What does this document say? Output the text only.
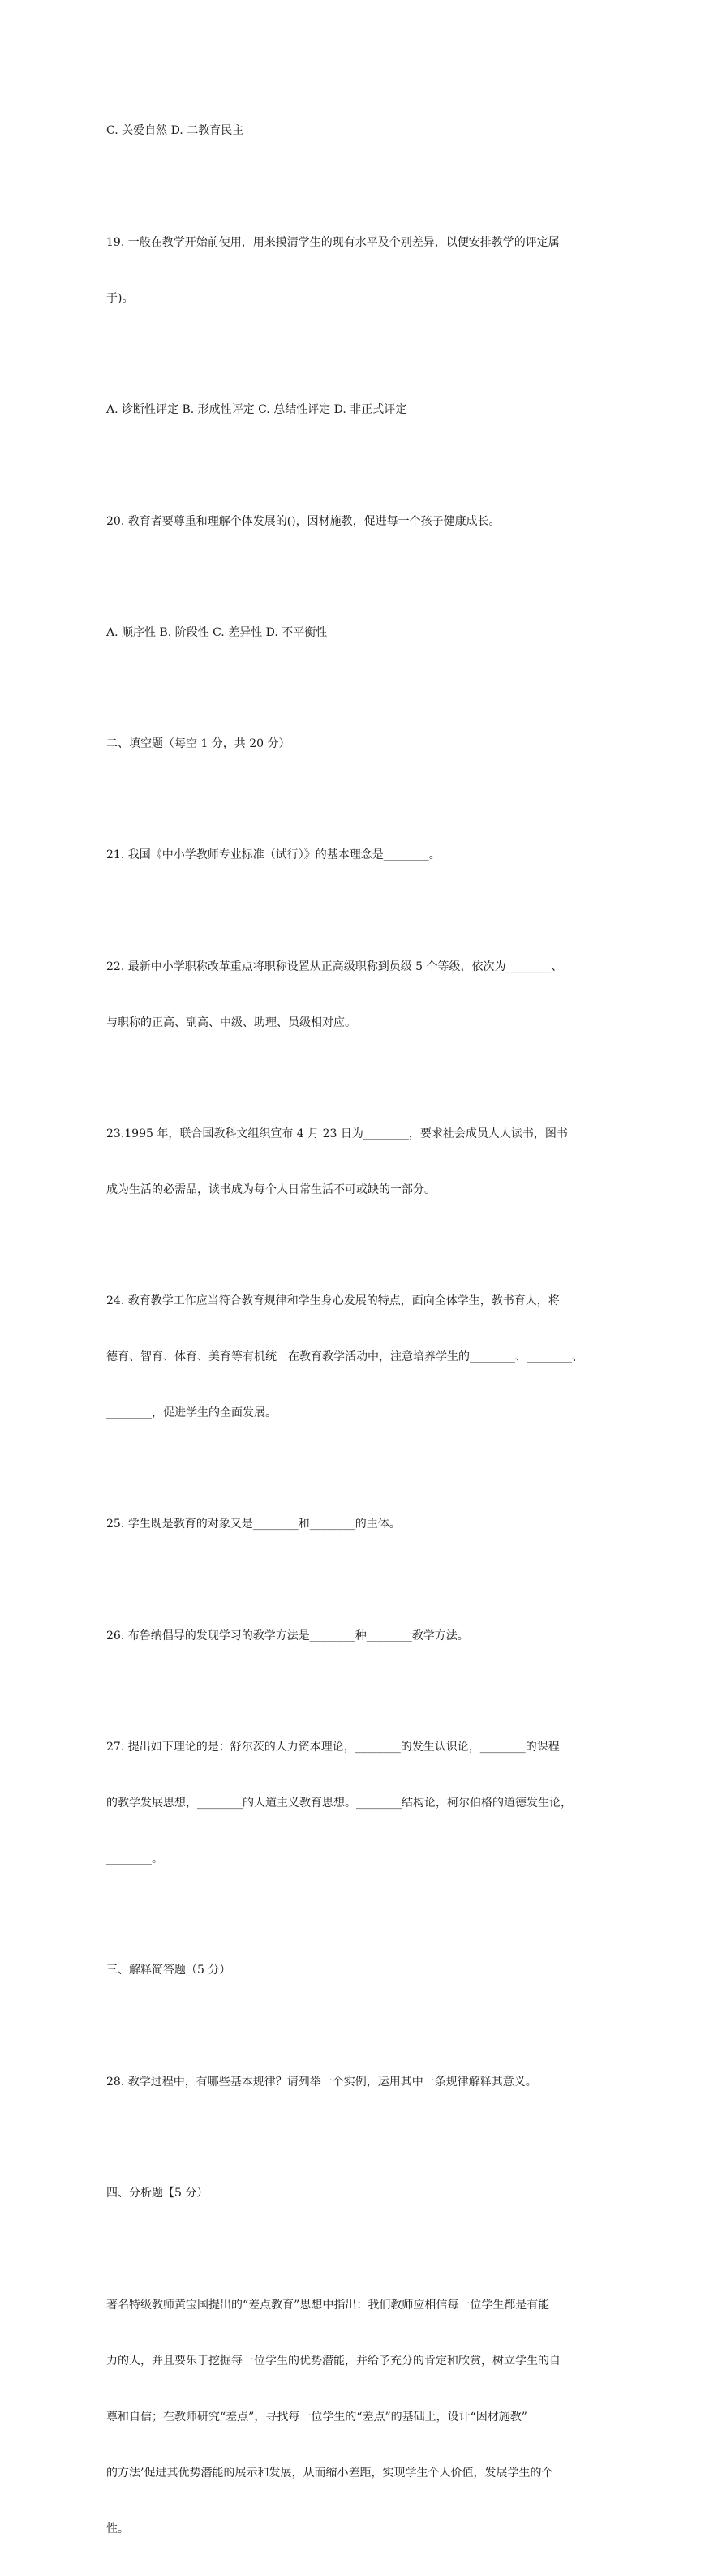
C. 关爱自然 D. 二教育民主

19. 一般在教学开始前使用，用来摸清学生的现有水平及个别差异，以便安排教学的评定属

于)。

A. 诊断性评定 B. 形成性评定 C. 总结性评定 D. 非正式评定

20. 教育者要尊重和理解个体发展的()，因材施教，促进每一个孩子健康成长。

A. 顺序性 B. 阶段性 C. 差异性 D. 不平衡性

二、填空题（每空 1 分，共 20 分）

21. 我国《中小学教师专业标准（试行）》的基本理念是________。

22. 最新中小学职称改革重点将职称设置从正高级职称到员级 5 个等级，依次为________、

与职称的正高、副高、中级、助理、员级相对应。

23.1995 年，联合国教科文组织宣布 4 月 23 日为________，要求社会成员人人读书，图书

成为生活的必需品，读书成为每个人日常生活不可或缺的一部分。

24. 教育教学工作应当符合教育规律和学生身心发展的特点，面向全体学生，教书育人，将

德育、智育、体育、美育等有机统一在教育教学活动中，注意培养学生的________、________、

________，促进学生的全面发展。

25. 学生既是教育的对象又是________和________的主体。

26. 布鲁纳倡导的发现学习的教学方法是________种________教学方法。

27. 提出如下理论的是：舒尔茨的人力资本理论，________的发生认识论，________的课程

的教学发展思想，________的人道主义教育思想。________结构论，柯尔伯格的道德发生论，

________。

三、解释简答题（5 分）

28. 教学过程中，有哪些基本规律？请列举一个实例，运用其中一条规律解释其意义。

四、分析题【5 分）

著名特级教师黄宝国提出的“差点教育”思想中指出：我们教师应相信每一位学生都是有能

力的人，并且要乐于挖掘每一位学生的优势潜能，并给予充分的肯定和欣赏，树立学生的自

尊和自信；在教师研究“差点”，寻找每一位学生的“差点”的基础上，设计“因材施教”

的方法’促进其优势潜能的展示和发展，从而缩小差距，实现学生个人价值，发展学生的个

性。
